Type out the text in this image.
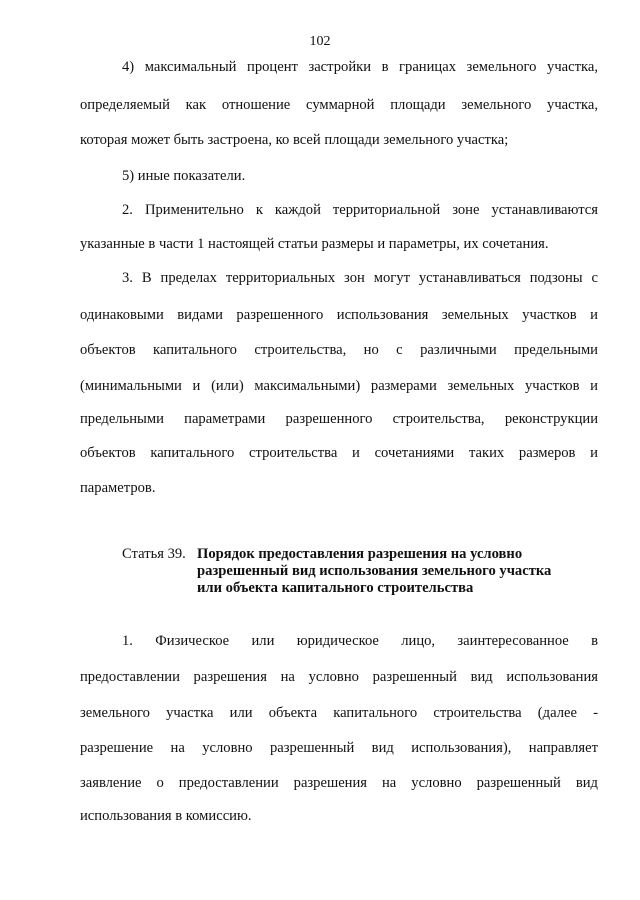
102
4) максимальный процент застройки в границах земельного участка,
определяемый как отношение суммарной площади земельного участка,
которая может быть застроена, ко всей площади земельного участка;
5) иные показатели.
2. Применительно к каждой территориальной зоне устанавливаются
указанные в части 1 настоящей статьи размеры и параметры, их сочетания.
3. В пределах территориальных зон могут устанавливаться подзоны с
одинаковыми видами разрешенного использования земельных участков и
объектов капитального строительства, но с различными предельными
(минимальными и (или) максимальными) размерами земельных участков и
предельными параметрами разрешенного строительства, реконструкции
объектов капитального строительства и сочетаниями таких размеров и
параметров.
Статья 39. Порядок предоставления разрешения на условно
разрешенный вид использования земельного участка
или объекта капитального строительства
1. Физическое или юридическое лицо, заинтересованное в
предоставлении разрешения на условно разрешенный вид использования
земельного участка или объекта капитального строительства (далее -
разрешение на условно разрешенный вид использования), направляет
заявление о предоставлении разрешения на условно разрешенный вид
использования в комиссию.
